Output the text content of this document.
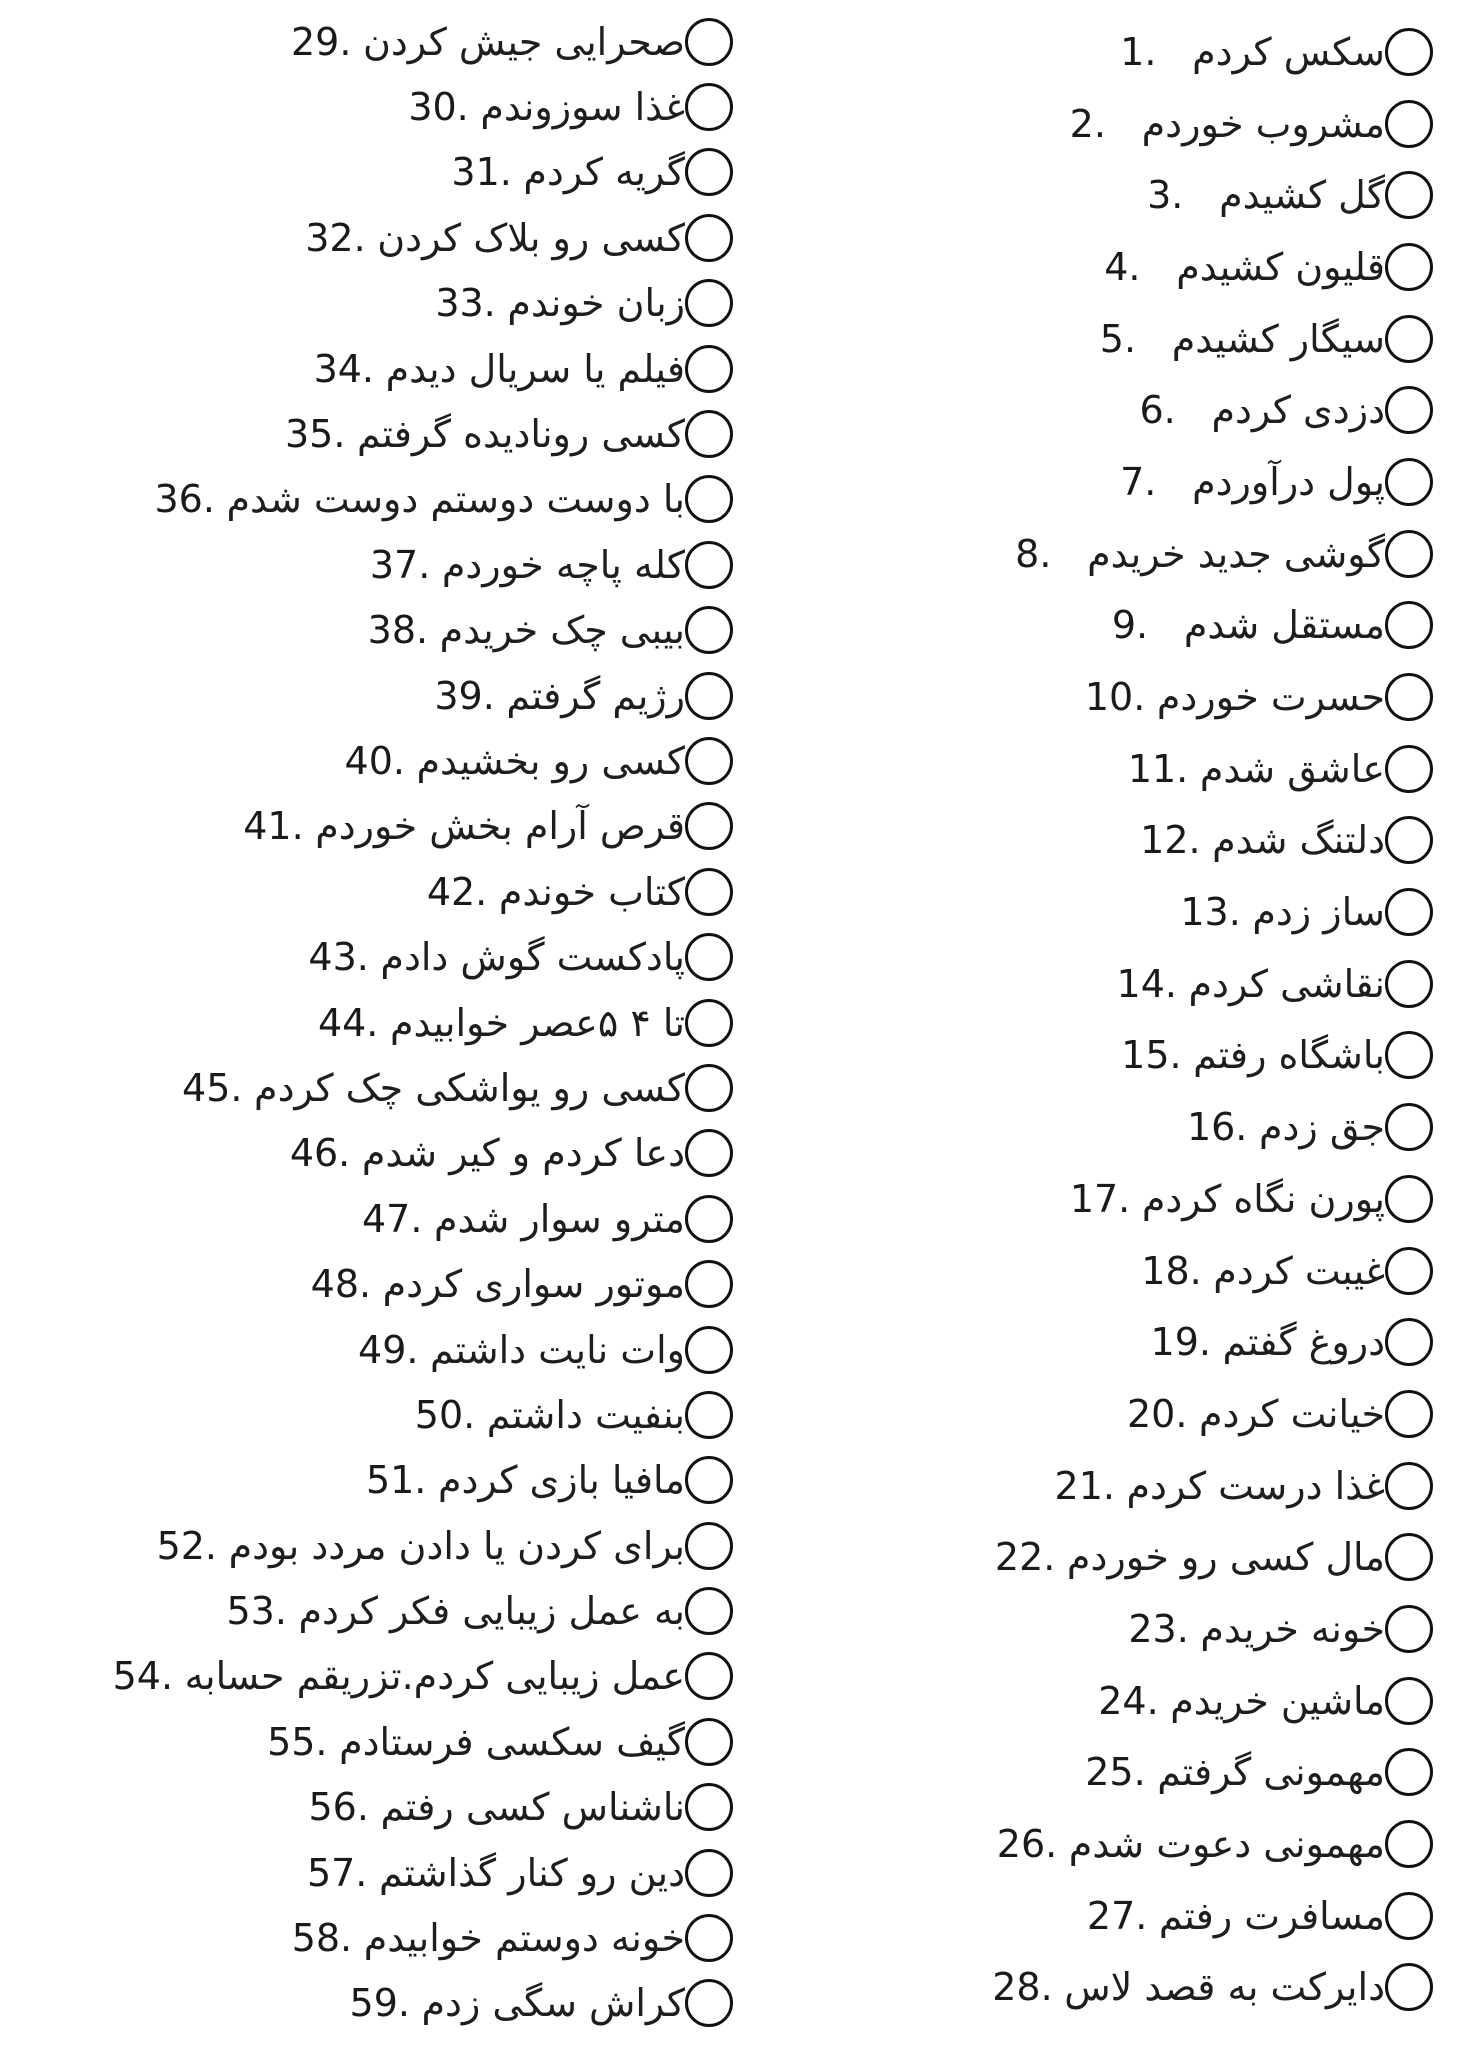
1. سکس کردم
2. مشروب خوردم
3. گل کشیدم
4. قلیون کشیدم
5. سیگار کشیدم
6. دزدی کردم
7. پول درآوردم
8. گوشی جدید خریدم
9. مستقل شدم
10. حسرت خوردم
11. عاشق شدم
12. دلتنگ شدم
13. ساز زدم
14. نقاشی کردم
15. باشگاه رفتم
16. جق زدم
17. پورن نگاه کردم
18. غیبت کردم
19. دروغ گفتم
20. خیانت کردم
21. غذا درست کردم
22. مال کسی رو خوردم
23. خونه خریدم
24. ماشین خریدم
25. مهمونی گرفتم
26. مهمونی دعوت شدم
27. مسافرت رفتم
28. دایرکت به قصد لاس
29. صحرایی جیش کردن
30. غذا سوزوندم
31. گریه کردم
32. کسی رو بلاک کردن
33. زبان خوندم
34. فیلم یا سریال دیدم
35. کسی رونادیده گرفتم
36. با دوست دوستم دوست شدم
37. کله پاچه خوردم
38. بیبی چک خریدم
39. رژیم گرفتم
40. کسی رو بخشیدم
41. قرص آرام بخش خوردم
42. کتاب خوندم
43. پادکست گوش دادم
44. تا ۴ ۵عصر خوابیدم
45. کسی رو یواشکی چک کردم
46. دعا کردم و کیر شدم
47. مترو سوار شدم
48. موتور سواری کردم
49. وات نایت داشتم
50. بنفیت داشتم
51. مافیا بازی کردم
52. برای کردن یا دادن مردد بودم
53. به عمل زیبایی فکر کردم
54. عمل زیبایی کردم.تزریقم حسابه
55. گیف سکسی فرستادم
56. ناشناس کسی رفتم
57. دین رو کنار گذاشتم
58. خونه دوستم خوابیدم
59. کراش سگی زدم
